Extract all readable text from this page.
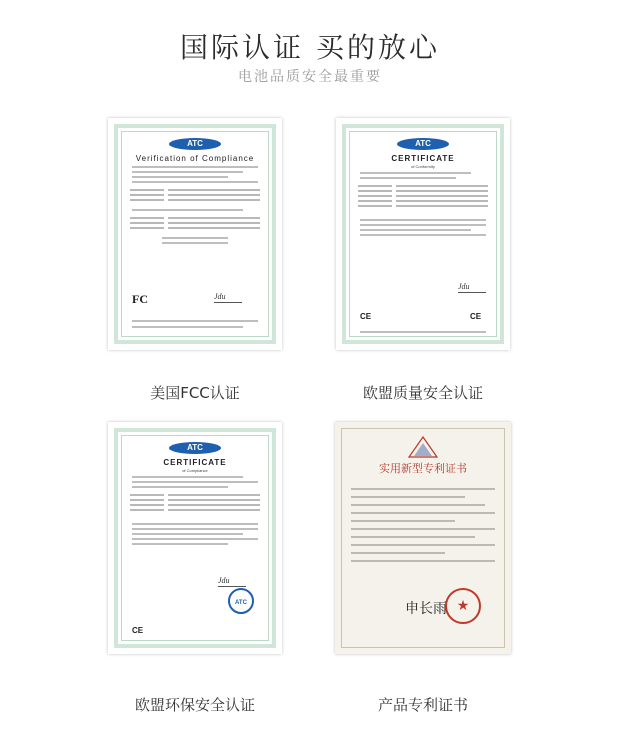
国际认证 买的放心
电池品质安全最重要
ATC
Verification of Compliance
FC	Jdu
ATC
CERTIFICATE
of Conformity
Jdu
CE	CE
ATC
CERTIFICATE
of Compliance
Jdu
ATC
CE
实用新型专利证书
申长雨 ★
美国FCC认证	欧盟质量安全认证
欧盟环保安全认证	产品专利证书
